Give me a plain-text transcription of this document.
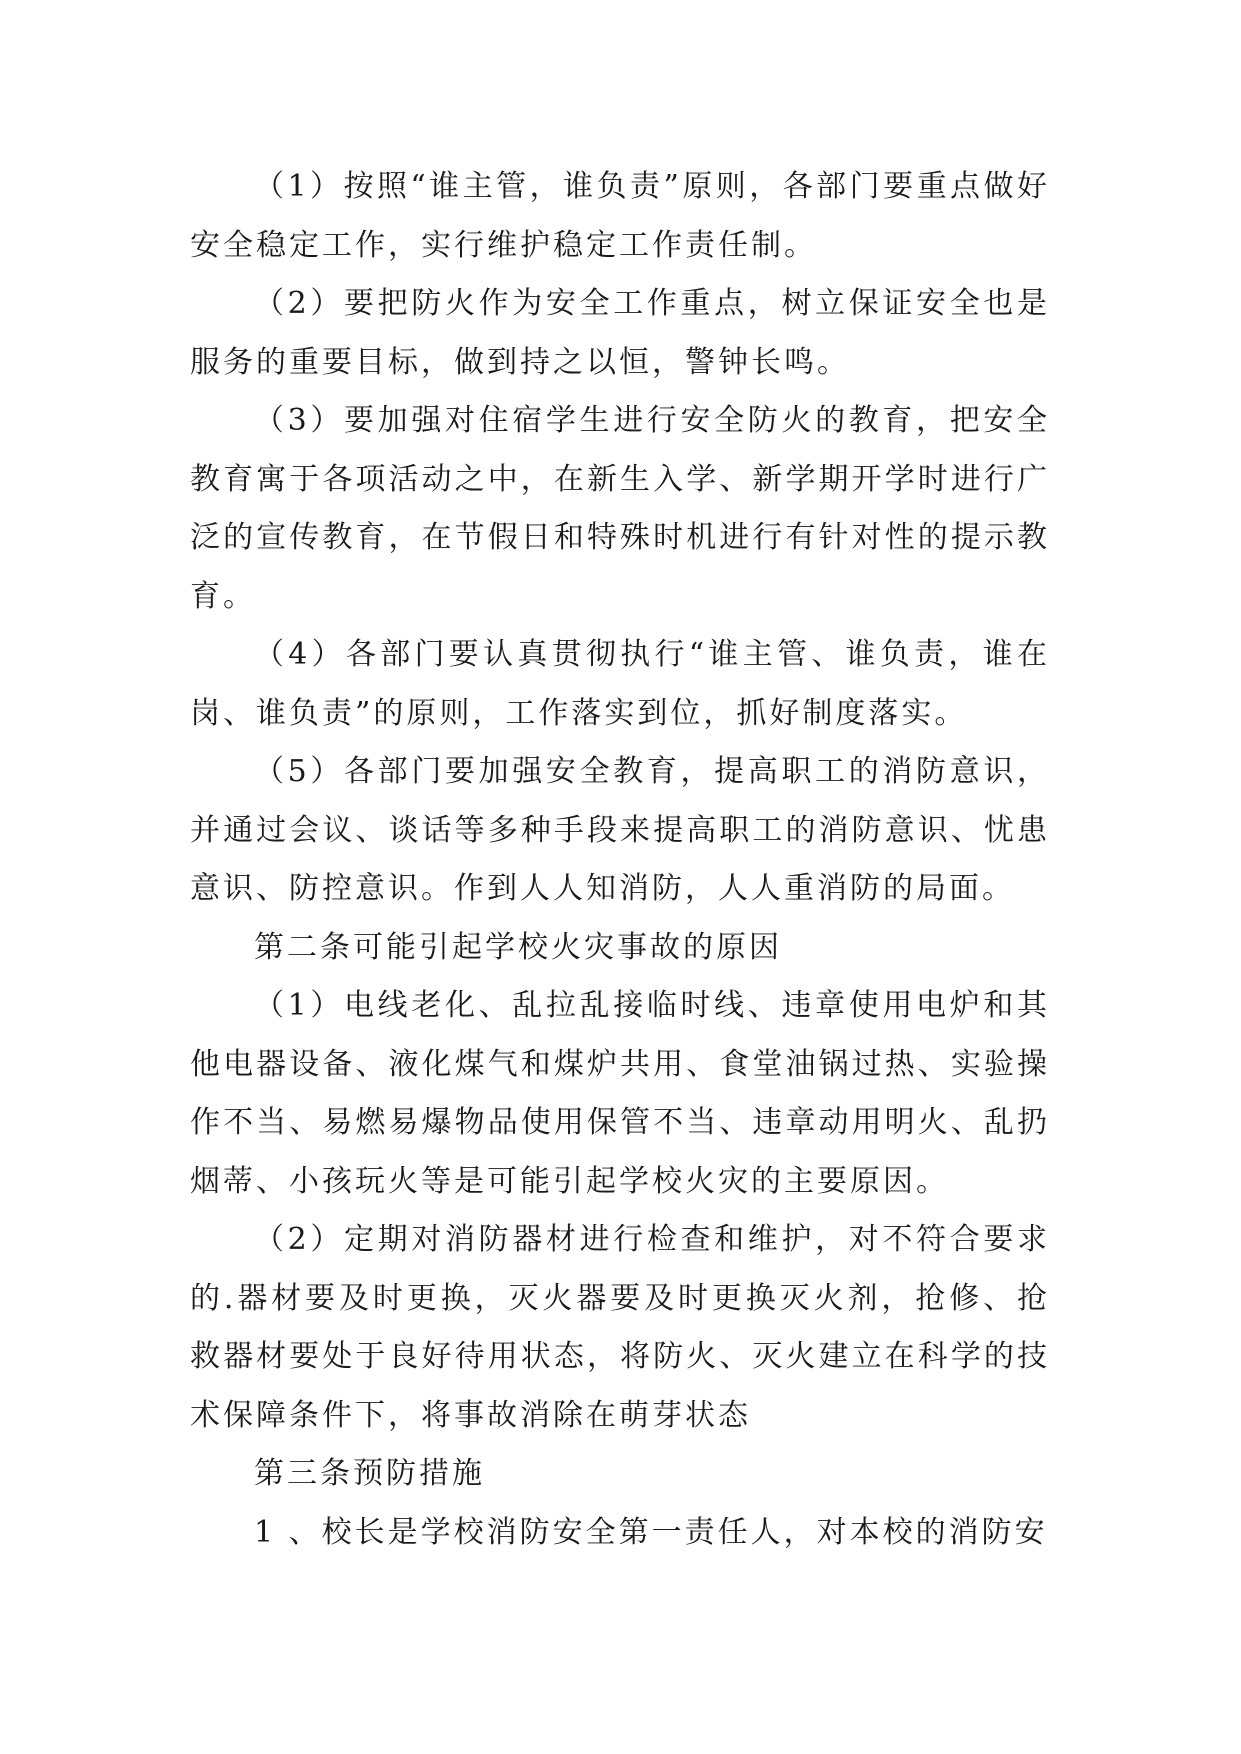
（1）按照“谁主管，谁负责”原则，各部门要重点做好安全稳定工作，实行维护稳定工作责任制。

（2）要把防火作为安全工作重点，树立保证安全也是服务的重要目标，做到持之以恒，警钟长鸣。

（3）要加强对住宿学生进行安全防火的教育，把安全教育寓于各项活动之中，在新生入学、新学期开学时进行广泛的宣传教育，在节假日和特殊时机进行有针对性的提示教育。

（4）各部门要认真贯彻执行“谁主管、谁负责，谁在岗、谁负责”的原则，工作落实到位，抓好制度落实。

（5）各部门要加强安全教育，提高职工的消防意识，并通过会议、谈话等多种手段来提高职工的消防意识、忧患意识、防控意识。作到人人知消防，人人重消防的局面。

第二条可能引起学校火灾事故的原因

（1）电线老化、乱拉乱接临时线、违章使用电炉和其他电器设备、液化煤气和煤炉共用、食堂油锅过热、实验操作不当、易燃易爆物品使用保管不当、违章动用明火、乱扔烟蒂、小孩玩火等是可能引起学校火灾的主要原因。

（2）定期对消防器材进行检查和维护，对不符合要求的.器材要及时更换，灭火器要及时更换灭火剂，抢修、抢救器材要处于良好待用状态，将防火、灭火建立在科学的技术保障条件下，将事故消除在萌芽状态

第三条预防措施

1 、校长是学校消防安全第一责任人，对本校的消防安
